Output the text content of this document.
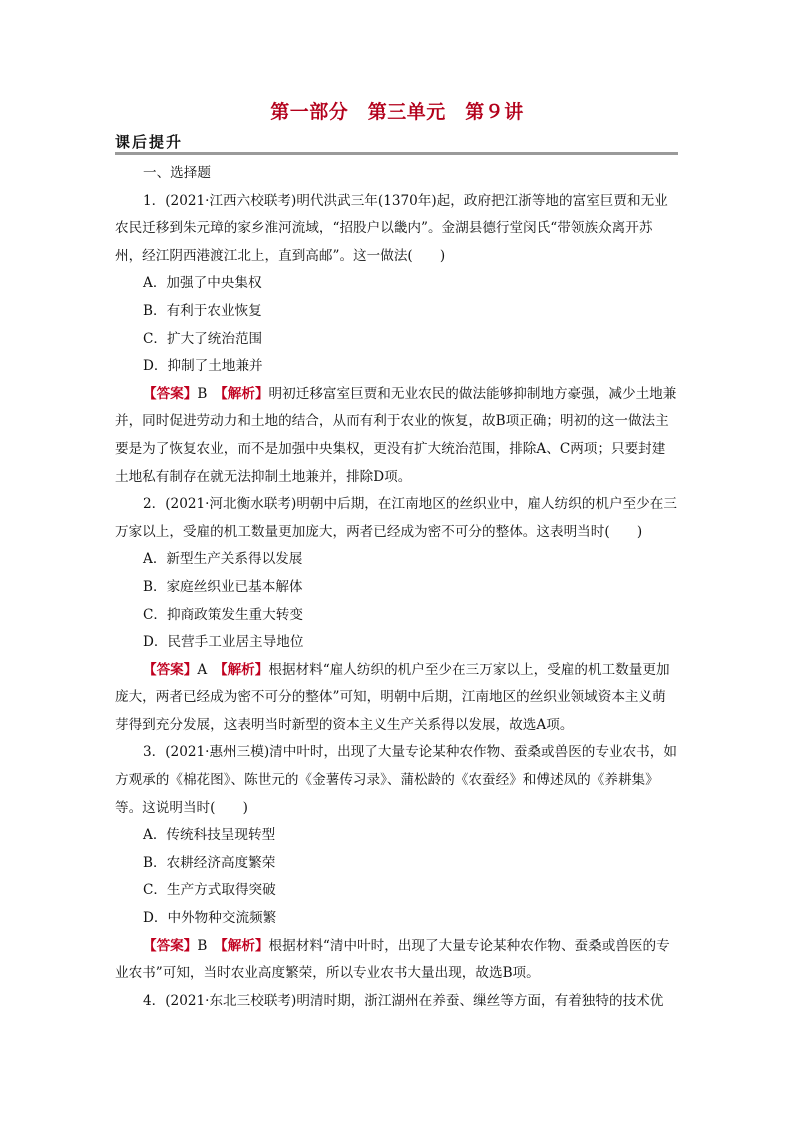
第一部分　第三单元　第９讲
课后提升

一、选择题

1．(2021·江西六校联考)明代洪武三年(1370年)起，政府把江浙等地的富室巨贾和无业农民迁移到朱元璋的家乡淮河流域，“招股户以畿内”。金湖县德行堂闵氏“带领族众离开苏州，经江阴西港渡江北上，直到高邮”。这一做法(　　)

A．加强了中央集权

B．有利于农业恢复

C．扩大了统治范围

D．抑制了土地兼并

【答案】B　 【解析】明初迁移富室巨贾和无业农民的做法能够抑制地方豪强，减少土地兼并，同时促进劳动力和土地的结合，从而有利于农业的恢复，故B项正确；明初的这一做法主要是为了恢复农业，而不是加强中央集权，更没有扩大统治范围，排除A、C两项；只要封建土地私有制存在就无法抑制土地兼并，排除D项。

2．(2021·河北衡水联考)明朝中后期，在江南地区的丝织业中，雇人纺织的机户至少在三万家以上，受雇的机工数量更加庞大，两者已经成为密不可分的整体。这表明当时(　　)

A．新型生产关系得以发展

B．家庭丝织业已基本解体

C．抑商政策发生重大转变

D．民营手工业居主导地位

【答案】A　 【解析】根据材料“雇人纺织的机户至少在三万家以上，受雇的机工数量更加庞大，两者已经成为密不可分的整体”可知，明朝中后期，江南地区的丝织业领域资本主义萌芽得到充分发展，这表明当时新型的资本主义生产关系得以发展，故选A项。

3．(2021·惠州三模)清中叶时，出现了大量专论某种农作物、蚕桑或兽医的专业农书，如方观承的《棉花图》、陈世元的《金薯传习录》、蒲松龄的《农蚕经》和傅述凤的《养耕集》等。这说明当时(　　)

A．传统科技呈现转型

B．农耕经济高度繁荣

C．生产方式取得突破

D．中外物种交流频繁

【答案】B　 【解析】根据材料“清中叶时，出现了大量专论某种农作物、蚕桑或兽医的专业农书”可知，当时农业高度繁荣，所以专业农书大量出现，故选B项。

4．(2021·东北三校联考)明清时期，浙江湖州在养蚕、缫丝等方面，有着独特的技术优
